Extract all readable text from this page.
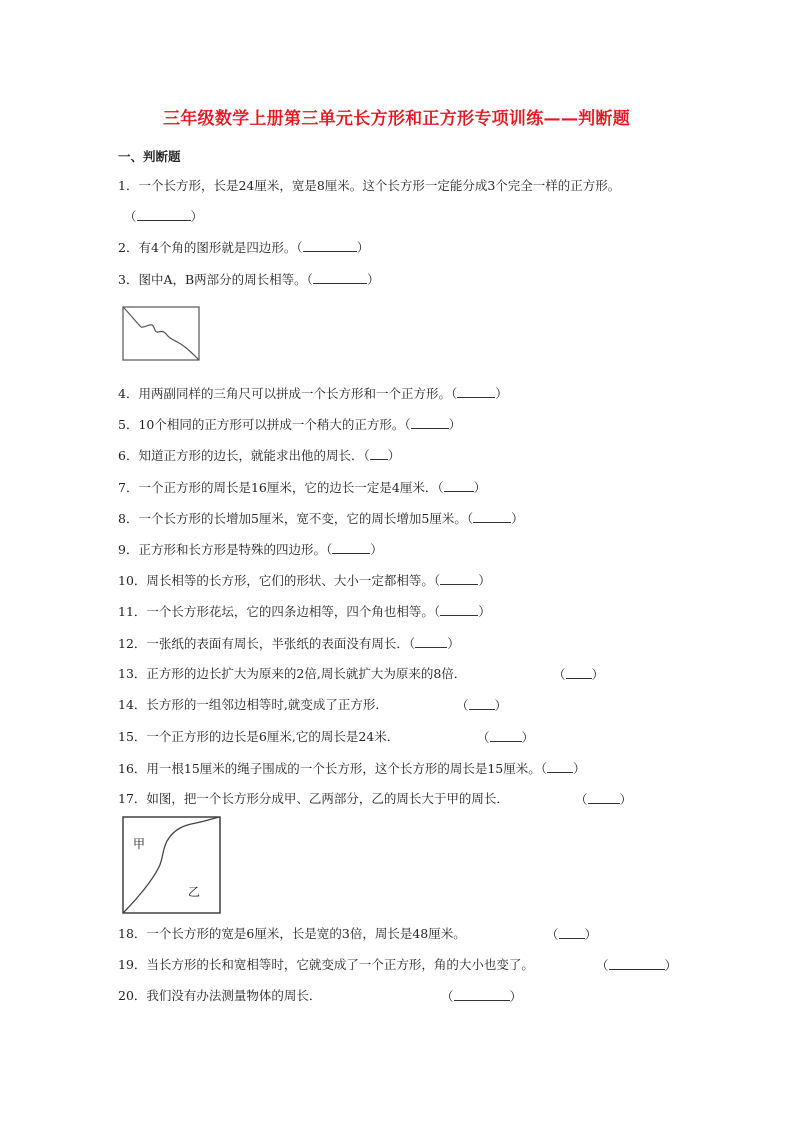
三年级数学上册第三单元长方形和正方形专项训练——判断题
一、判断题
1．一个长方形，长是24厘米，宽是8厘米。这个长方形一定能分成3个完全一样的正方形。
（	）
2．有4个角的图形就是四边形。（	）
3．图中A，B两部分的周长相等。（	）
4．用两副同样的三角尺可以拼成一个长方形和一个正方形。（	）
5．10个相同的正方形可以拼成一个稍大的正方形。（	）
6．知道正方形的边长，就能求出他的周长．（ ）
7．一个正方形的周长是16厘米，它的边长一定是4厘米．（ ）
8．一个长方形的长增加5厘米，宽不变，它的周长增加5厘米。（	）
9．正方形和长方形是特殊的四边形。（	）
10．周长相等的长方形，它们的形状、大小一定都相等。（	）
11．一个长方形花坛，它的四条边相等，四个角也相等。（	）
12．一张纸的表面有周长，半张纸的表面没有周长．（	）
13．正方形的边长扩大为原来的2倍,周长就扩大为原来的8倍．	（ ）
14．长方形的一组邻边相等时,就变成了正方形．	（ ）
15．一个正方形的边长是6厘米,它的周长是24米．	（	）
16．用一根15厘米的绳子围成的一个长方形，这个长方形的周长是15厘米。（ ）
17．如图，把一个长方形分成甲、乙两部分，乙的周长大于甲的周长．	（	）
甲
乙
18．一个长方形的宽是6厘米，长是宽的3倍，周长是48厘米。	（ ）
19．当长方形的长和宽相等时，它就变成了一个正方形，角的大小也变了。	（	）
20．我们没有办法测量物体的周长．	（	）
